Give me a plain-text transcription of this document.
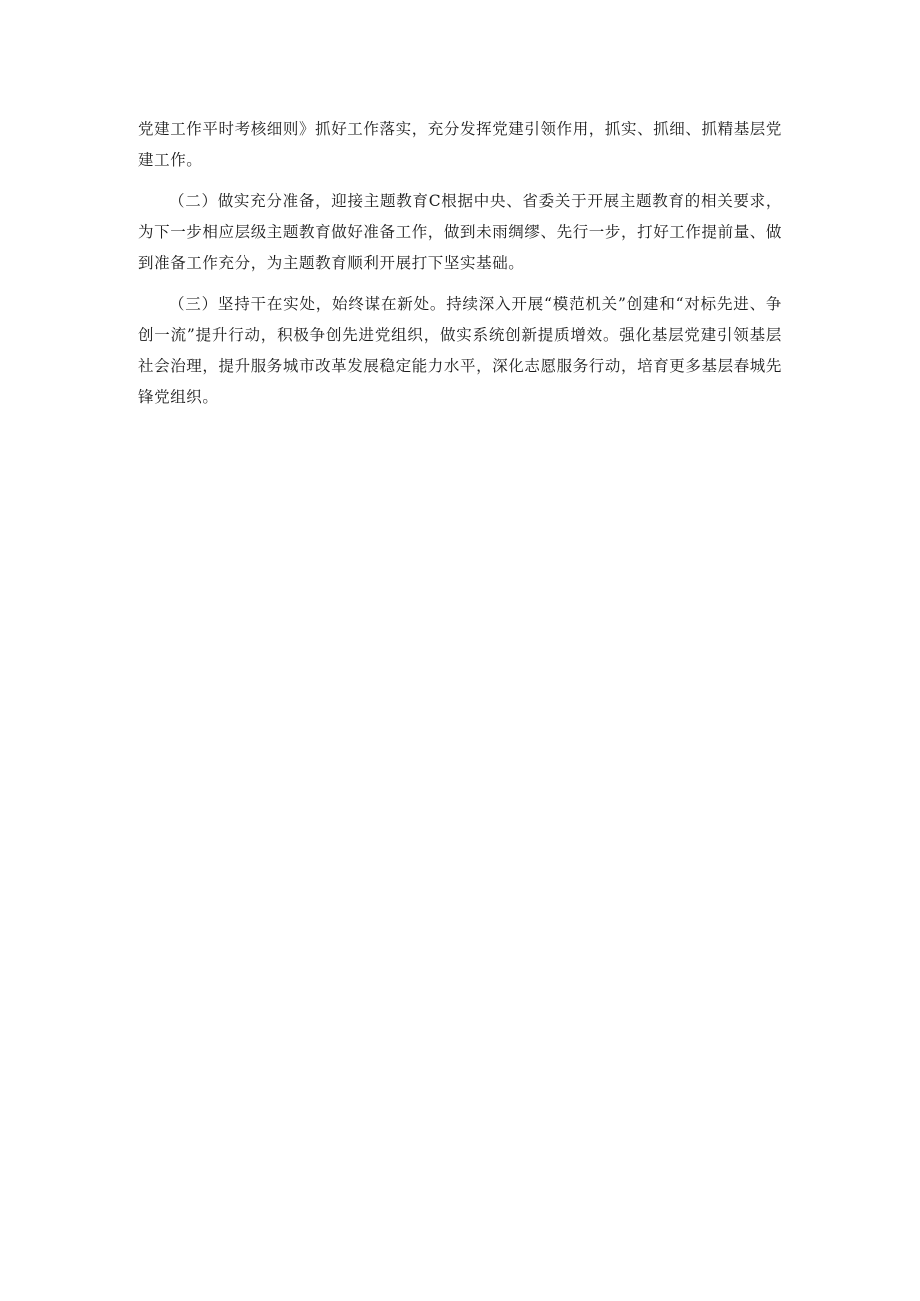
党建工作平时考核细则》抓好工作落实，充分发挥党建引领作用，抓实、抓细、抓精基层党建工作。

（二）做实充分准备，迎接主题教育C根据中央、省委关于开展主题教育的相关要求，为下一步相应层级主题教育做好准备工作，做到未雨绸缪、先行一步，打好工作提前量、做到准备工作充分，为主题教育顺利开展打下坚实基础。

（三）坚持干在实处，始终谋在新处。持续深入开展“模范机关”创建和“对标先进、争创一流”提升行动，积极争创先进党组织，做实系统创新提质增效。强化基层党建引领基层社会治理，提升服务城市改革发展稳定能力水平，深化志愿服务行动，培育更多基层春城先锋党组织。
